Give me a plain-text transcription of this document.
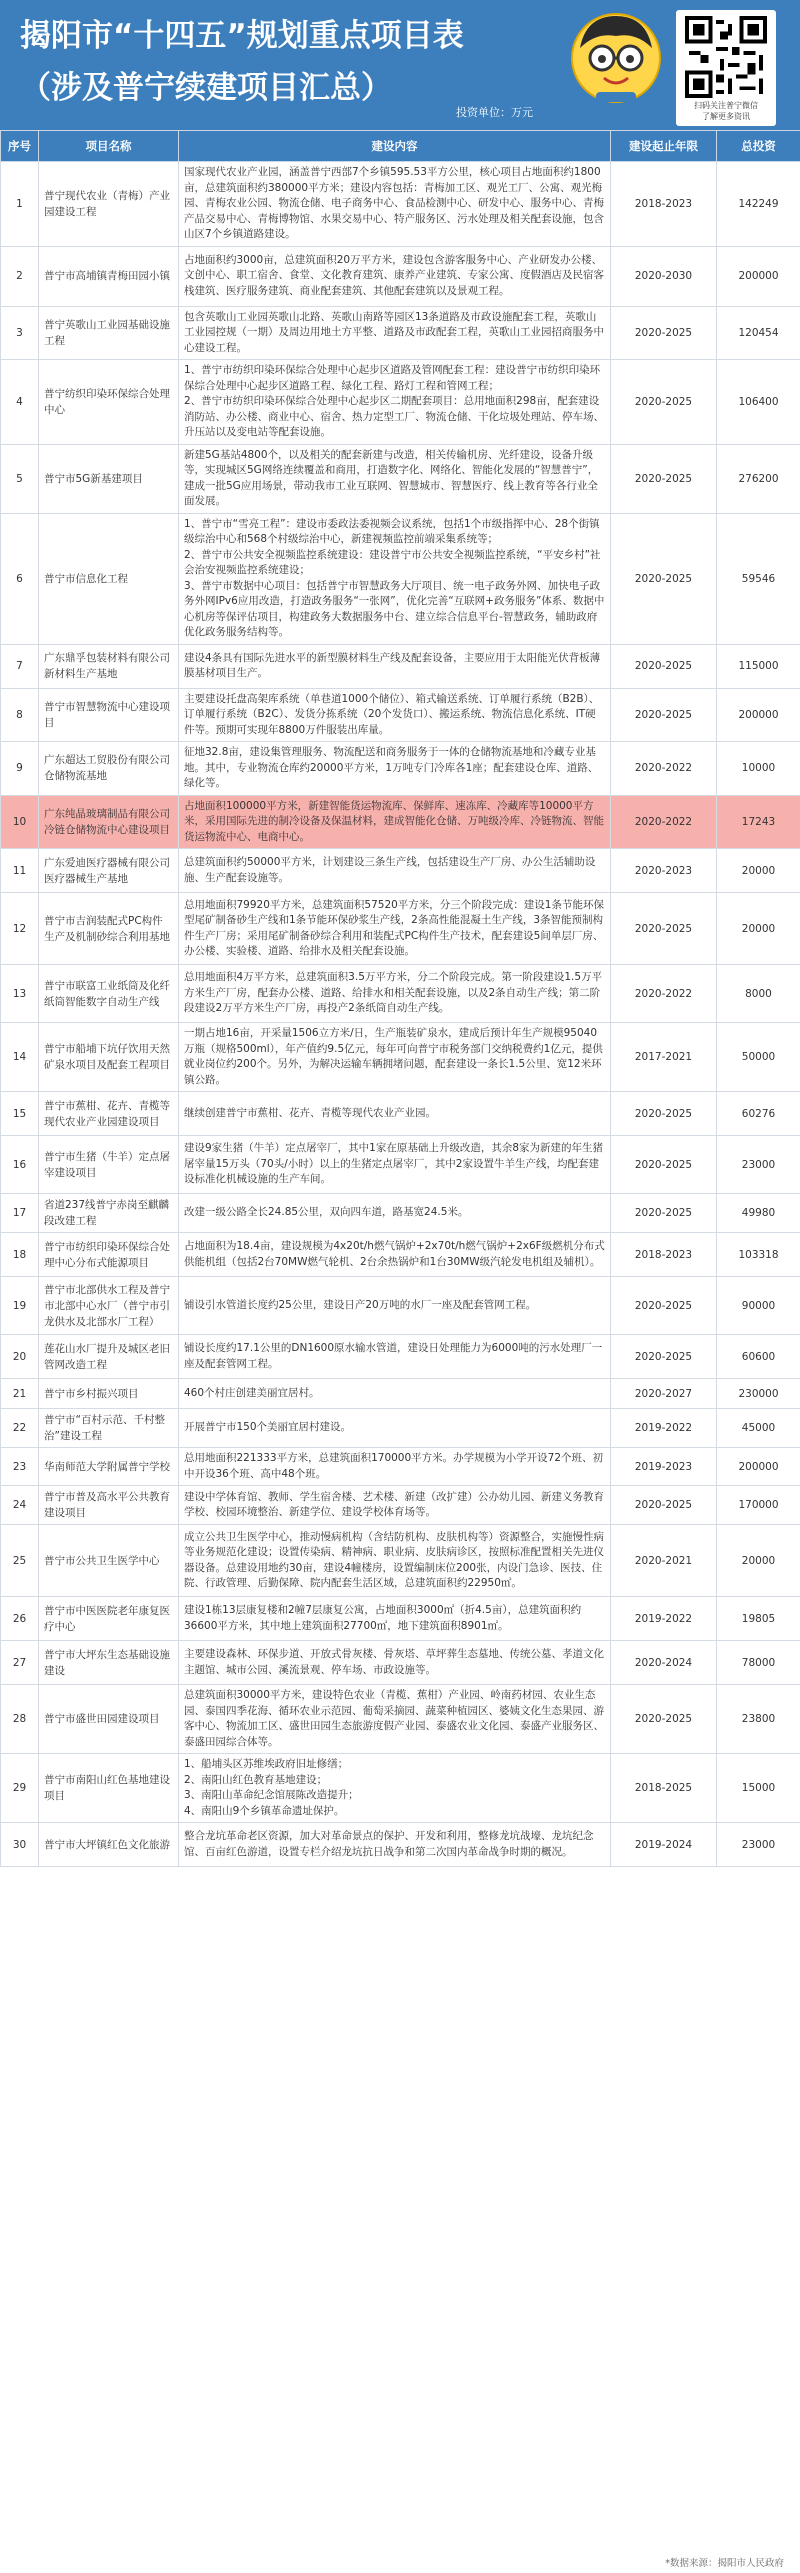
揭阳市“十四五”规划重点项目表
（涉及普宁续建项目汇总）
投资单位：万元
扫码关注普宁微信
了解更多资讯
序号	项目名称	建设内容	建设起止年限	总投资
1	普宁现代农业（青梅）产业园建设工程	国家现代农业产业园，涵盖普宁西部7个乡镇595.53平方公里，核心项目占地面积约1800亩，总建筑面积约380000平方米；建设内容包括：青梅加工区、观光工厂、公寓、观光梅园、青梅农业公园、物流仓储、电子商务中心、食品检测中心、研发中心、服务中心、青梅产品交易中心、青梅博物馆、水果交易中心、特产服务区、污水处理及相关配套设施，包含山区7个乡镇道路建设。	2018-2023	142249
2	普宁市高埔镇青梅田园小镇	占地面积约3000亩，总建筑面积20万平方米，建设包含游客服务中心、产业研发办公楼、文创中心、职工宿舍、食堂、文化教育建筑、康养产业建筑、专家公寓、度假酒店及民宿客栈建筑、医疗服务建筑、商业配套建筑、其他配套建筑以及景观工程。	2020-2030	200000
3	普宁英歌山工业园基础设施工程	包含英歌山工业园英歌山北路、英歌山南路等园区13条道路及市政设施配套工程，英歌山工业园控规（一期）及周边用地土方平整、道路及市政配套工程，英歌山工业园招商服务中心建设工程。	2020-2025	120454
4	普宁纺织印染环保综合处理中心	1、普宁市纺织印染环保综合处理中心起步区道路及管网配套工程：建设普宁市纺织印染环保综合处理中心起步区道路工程、绿化工程、路灯工程和管网工程；
2、普宁市纺织印染环保综合处理中心起步区二期配套项目：总用地面积298亩，配套建设消防站、办公楼、商业中心、宿舍、热力定型工厂、物流仓储、干化垃圾处理站、停车场、升压站以及变电站等配套设施。	2020-2025	106400
5	普宁市5G新基建项目	新建5G基站4800个，以及相关的配套新建与改造，相关传输机房、光纤建设，设备升级等，实现城区5G网络连续覆盖和商用，打造数字化、网络化、智能化发展的“智慧普宁”，建成一批5G应用场景，带动我市工业互联网、智慧城市、智慧医疗、线上教育等各行业全面发展。	2020-2025	276200
6	普宁市信息化工程	1、普宁市“雪亮工程”：建设市委政法委视频会议系统，包括1个市级指挥中心、28个街镇级综治中心和568个村级综治中心，新建视频监控前端采集系统等；
2、普宁市公共安全视频监控系统建设：建设普宁市公共安全视频监控系统，“平安乡村”社会治安视频监控系统建设；
3、普宁市数据中心项目：包括普宁市智慧政务大厅项目、统一电子政务外网、加快电子政务外网IPv6应用改造，打造政务服务“一张网”，优化完善“互联网+政务服务”体系、数据中心机房等保评估项目，构建政务大数据服务中台、建立综合信息平台-智慧政务，辅助政府优化政务服务结构等。	2020-2025	59546
7	广东鼎孚包装材料有限公司新材料生产基地	建设4条具有国际先进水平的新型膜材料生产线及配套设备，主要应用于太阳能光伏背板薄膜基材项目生产。	2020-2025	115000
8	普宁市智慧物流中心建设项目	主要建设托盘高架库系统（单巷道1000个储位）、箱式输送系统、订单履行系统（B2B）、订单履行系统（B2C）、发货分拣系统（20个发货口）、搬运系统、物流信息化系统、IT硬件等。预期可实现年8800万件服装出库量。	2020-2025	200000
9	广东超达工贸股份有限公司仓储物流基地	征地32.8亩，建设集管理服务、物流配送和商务服务于一体的仓储物流基地和冷藏专业基地。其中，专业物流仓库约20000平方米，1万吨专门冷库各1座；配套建设仓库、道路、绿化等。	2020-2022	10000
10	广东纯晶玻璃制品有限公司冷链仓储物流中心建设项目	占地面积100000平方米，新建智能货运物流库、保鲜库、速冻库、冷藏库等10000平方米，采用国际先进的制冷设备及保温材料，建成智能化仓储、万吨级冷库、冷链物流、智能货运物流中心、电商中心。	2020-2022	17243
11	广东爱迪医疗器械有限公司医疗器械生产基地	总建筑面积约50000平方米，计划建设三条生产线，包括建设生产厂房、办公生活辅助设施、生产配套设施等。	2020-2023	20000
12	普宁市吉润装配式PC构件生产及机制砂综合利用基地	总用地面积79920平方米，总建筑面积57520平方米，分三个阶段完成：建设1条节能环保型尾矿制备砂生产线和1条节能环保砂浆生产线，2条高性能混凝土生产线，3条智能预制构件生产厂房；采用尾矿制备砂综合利用和装配式PC构件生产技术，配套建设5间单层厂房、办公楼、实验楼、道路、给排水及相关配套设施。	2020-2025	20000
13	普宁市联富工业纸筒及化纤纸筒智能数字自动生产线	总用地面积4万平方米，总建筑面积3.5万平方米，分二个阶段完成。第一阶段建设1.5万平方米生产厂房，配套办公楼、道路、给排水和相关配套设施，以及2条自动生产线；第二阶段建设2万平方米生产厂房，再投产2条纸筒自动生产线。	2020-2022	8000
14	普宁市船埔下坑仔饮用天然矿泉水项目及配套工程项目	一期占地16亩，开采量1506立方米/日，生产瓶装矿泉水，建成后预计年生产规模95040万瓶（规格500ml），年产值约9.5亿元，每年可向普宁市税务部门交纳税费约1亿元，提供就业岗位约200个。另外，为解决运输车辆拥堵问题，配套建设一条长1.5公里、宽12米环镇公路。	2017-2021	50000
15	普宁市蕉柑、花卉、青榄等现代农业产业园建设项目	继续创建普宁市蕉柑、花卉、青榄等现代农业产业园。	2020-2025	60276
16	普宁市生猪（牛羊）定点屠宰建设项目	建设9家生猪（牛羊）定点屠宰厂，其中1家在原基础上升级改造，其余8家为新建的年生猪屠宰量15万头（70头/小时）以上的生猪定点屠宰厂，其中2家设置牛羊生产线，均配套建设标准化机械设施的生产车间。	2020-2025	23000
17	省道237线普宁赤岗至麒麟段改建工程	改建一级公路全长24.85公里，双向四车道，路基宽24.5米。	2020-2025	49980
18	普宁市纺织印染环保综合处理中心分布式能源项目	占地面积为18.4亩，建设规模为4x20t/h燃气锅炉+2x70t/h燃气锅炉+2x6F级燃机分布式供能机组（包括2台70MW燃气轮机、2台余热锅炉和1台30MW级汽轮发电机组及辅机）。	2018-2023	103318
19	普宁市北部供水工程及普宁市北部中心水厂（普宁市引龙供水及北部水厂工程）	铺设引水管道长度约25公里，建设日产20万吨的水厂一座及配套管网工程。	2020-2025	90000
20	莲花山水厂提升及城区老旧管网改造工程	铺设长度约17.1公里的DN1600原水输水管道，建设日处理能力为6000吨的污水处理厂一座及配套管网工程。	2020-2025	60600
21	普宁市乡村振兴项目	460个村庄创建美丽宜居村。	2020-2027	230000
22	普宁市“百村示范、千村整治”建设工程	开展普宁市150个美丽宜居村建设。	2019-2022	45000
23	华南师范大学附属普宁学校	总用地面积221333平方米，总建筑面积170000平方米。办学规模为小学开设72个班、初中开设36个班、高中48个班。	2019-2023	200000
24	普宁市普及高水平公共教育建设项目	建设中学体育馆、教师、学生宿舍楼、艺术楼、新建（改扩建）公办幼儿园、新建义务教育学校、校园环境整治、新建学位、建设学校体育场等。	2020-2025	170000
25	普宁市公共卫生医学中心	成立公共卫生医学中心，推动慢病机构（含结防机构、皮肤机构等）资源整合，实施慢性病等业务规范化建设；设置传染病、精神病、职业病、皮肤病诊区，按照标准配置相关先进仪器设备。总建设用地约30亩，建设4幢楼房，设置编制床位200张，内设门急诊、医技、住院、行政管理、后勤保障、院内配套生活区域，总建筑面积约22950㎡。	2020-2021	20000
26	普宁市中医医院老年康复医疗中心	建设1栋13层康复楼和2幢7层康复公寓，占地面积3000㎡（折4.5亩），总建筑面积约36600平方米，其中地上建筑面积27700㎡，地下建筑面积8901㎡。	2019-2022	19805
27	普宁市大坪东生态基础设施建设	主要建设森林、环保步道、开放式骨灰楼、骨灰塔、草坪葬生态墓地、传统公墓、孝道文化主题馆、城市公园、溪流景观、停车场、市政设施等。	2020-2024	78000
28	普宁市盛世田园建设项目	总建筑面积30000平方米，建设特色农业（青榄、蕉柑）产业园、岭南药材园、农业生态园、泰国四季花海、循环农业示范园、葡萄采摘园、蔬菜种植园区、婆姨文化生态果园、游客中心、物流加工区、盛世田园生态旅游度假产业园、泰盛农业文化园、泰盛产业服务区、泰盛田园综合体等。	2020-2025	23800
29	普宁市南阳山红色基地建设项目	1、船埔头区苏维埃政府旧址修缮；
2、南阳山红色教育基地建设；
3、南阳山革命纪念馆展陈改造提升；
4、南阳山9个乡镇革命遗址保护。	2018-2025	15000
30	普宁市大坪镇红色文化旅游	整合龙坑革命老区资源，加大对革命景点的保护、开发和利用，整修龙坑战壕、龙坑纪念馆、百亩红色游道，设置专栏介绍龙坑抗日战争和第二次国内革命战争时期的概况。	2019-2024	23000
*数据来源：揭阳市人民政府
